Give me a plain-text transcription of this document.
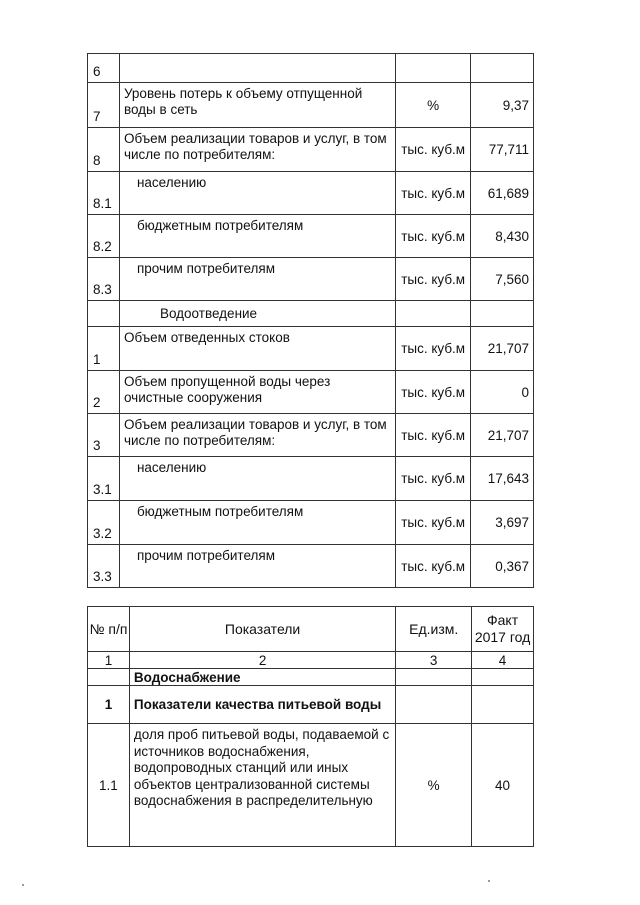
6			
7	Уровень потерь к объему отпущенной воды в сеть	%	9,37
8	Объем реализации товаров и услуг, в том числе по потребителям:	тыс. куб.м	77,711
8.1	населению	тыс. куб.м	61,689
8.2	бюджетным потребителям	тыс. куб.м	8,430
8.3	прочим потребителям	тыс. куб.м	7,560
	Водоотведение		
1	Объем отведенных стоков	тыс. куб.м	21,707
2	Объем пропущенной воды через очистные сооружения	тыс. куб.м	0
3	Объем реализации товаров и услуг, в том числе по потребителям:	тыс. куб.м	21,707
3.1	населению	тыс. куб.м	17,643
3.2	бюджетным потребителям	тыс. куб.м	3,697
3.3	прочим потребителям	тыс. куб.м	0,367
№ п/п	Показатели	Ед.изм.	Факт 2017 год
1	2	3	4
	Водоснабжение		
1	Показатели качества питьевой воды		
1.1	доля проб питьевой воды, подаваемой с источников водоснабжения, водопроводных станций или иных объектов централизованной системы водоснабжения в распределительную	%	40
